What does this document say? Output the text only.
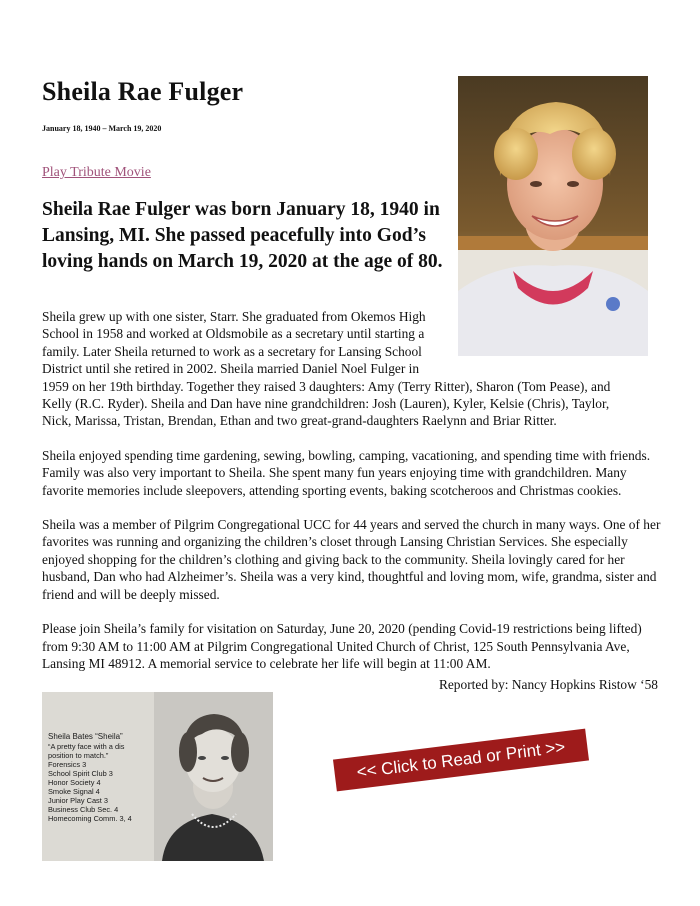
Sheila Rae Fulger
January 18, 1940 – March 19, 2020
Play Tribute Movie
Sheila Rae Fulger was born January 18, 1940 in Lansing, MI. She passed peacefully into God’s loving hands on March 19, 2020 at the age of 80.

Sheila grew up with one sister, Starr. She graduated from Okemos High
School in 1958 and worked at Oldsmobile as a secretary until starting a
family. Later Sheila returned to work as a secretary for Lansing School
District until she retired in 2002. Sheila married Daniel Noel Fulger in
1959 on her 19th birthday. Together they raised 3 daughters: Amy (Terry Ritter), Sharon (Tom Pease), and
Kelly (R.C. Ryder). Sheila and Dan have nine grandchildren: Josh (Lauren), Kyler, Kelsie (Chris), Taylor,
Nick, Marissa, Tristan, Brendan, Ethan and two great-grand-daughters Raelynn and Briar Ritter.

Sheila enjoyed spending time gardening, sewing, bowling, camping, vacationing, and spending time with friends. Family was also very important to Sheila. She spent many fun years enjoying time with grandchildren. Many favorite memories include sleepovers, attending sporting events, baking scotcheroos and Christmas cookies.

Sheila was a member of Pilgrim Congregational UCC for 44 years and served the church in many ways. One of her favorites was running and organizing the children’s closet through Lansing Christian Services. She especially enjoyed shopping for the children’s clothing and giving back to the community. Sheila lovingly cared for her husband, Dan who had Alzheimer’s. Sheila was a very kind, thoughtful and loving mom, wife, grandma, sister and friend and will be deeply missed.

Please join Sheila’s family for visitation on Saturday, June 20, 2020 (pending Covid-19 restrictions being lifted) from 9:30 AM to 11:00 AM at Pilgrim Congregational United Church of Christ, 125 South Pennsylvania Ave, Lansing MI 48912. A memorial service to celebrate her life will begin at 11:00 AM.

Reported by: Nancy Hopkins Ristow ‘58
Sheila Bates “Sheila”
“A pretty face with a dis
position to match.”
Forensics 3
School Spirit Club 3
Honor Society 4
Smoke Signal 4
Junior Play Cast 3
Business Club Sec. 4
Homecoming Comm. 3, 4
<< Click to Read or Print >>
